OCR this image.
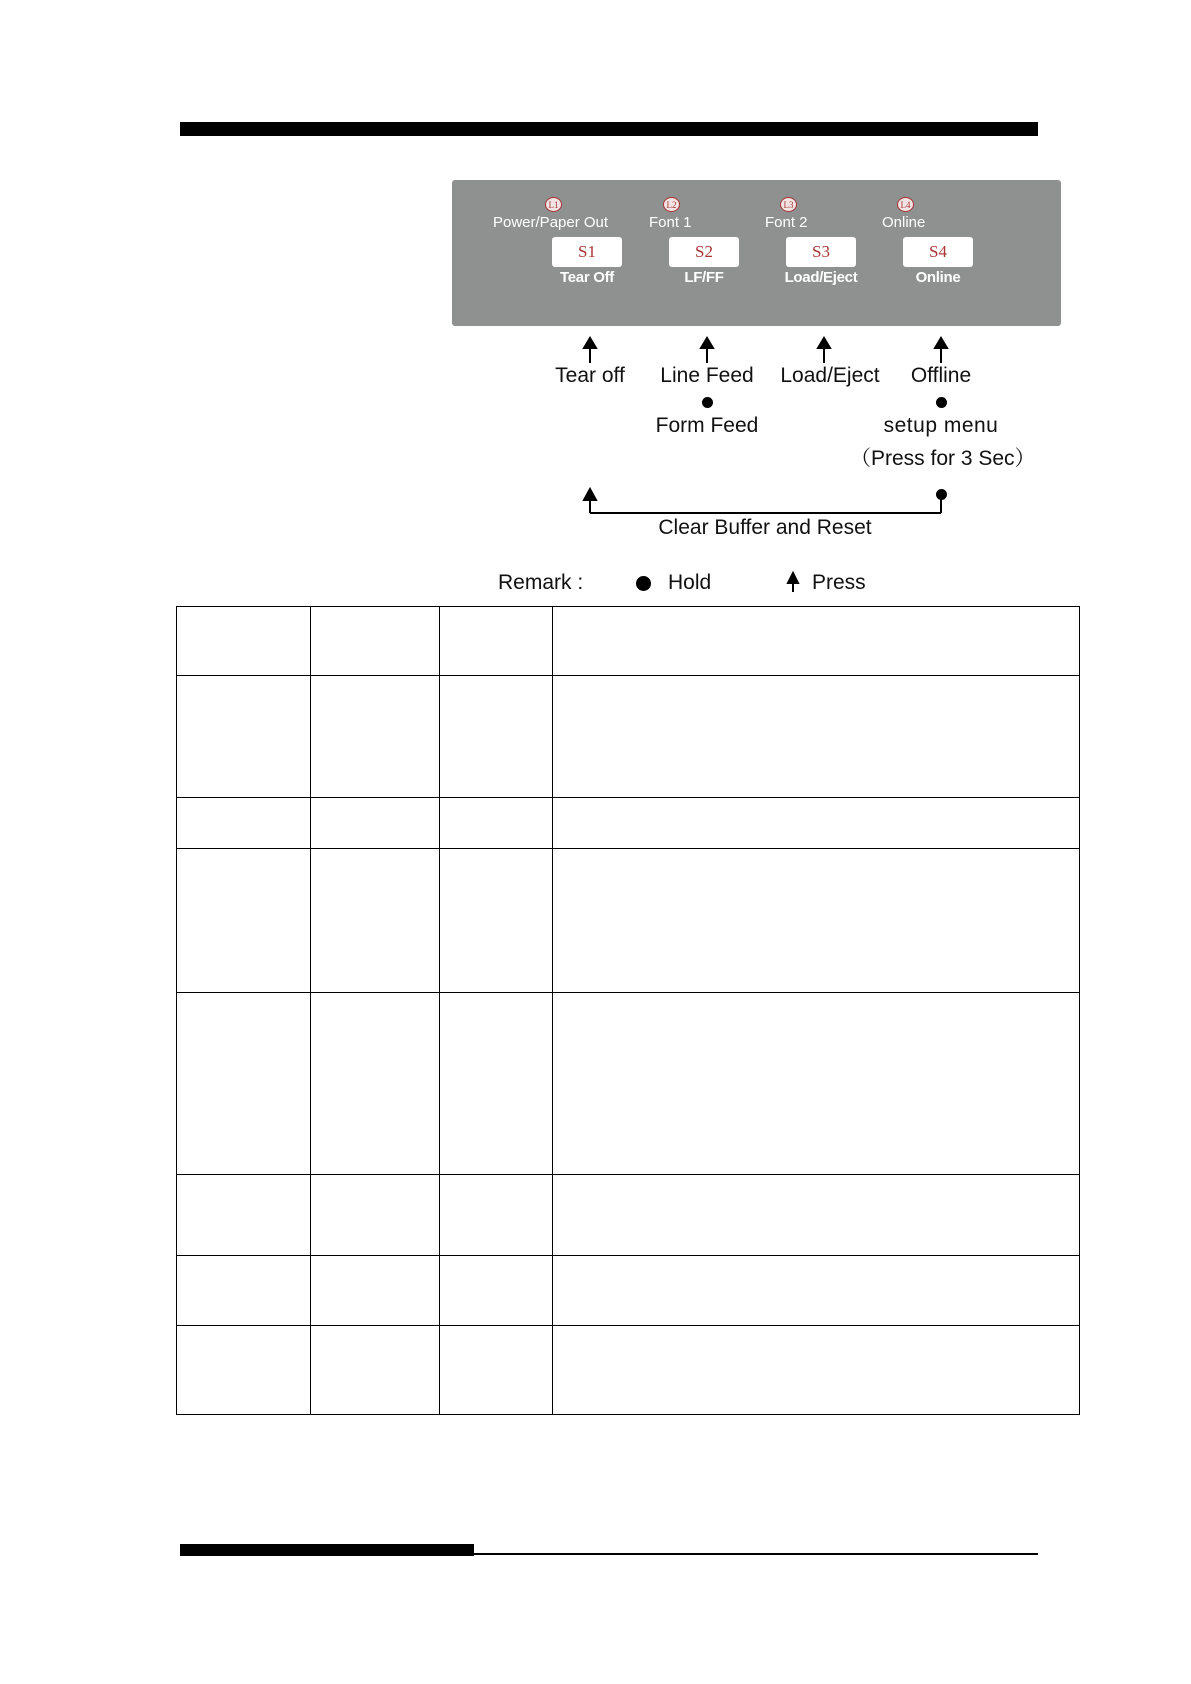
L1
Power/Paper Out
L2
Font 1
L3
Font 2
L4
Online
S1
Tear Off
S2
LF/FF
S3
Load/Eject
S4
Online
Tear off	Line Feed
Form Feed
Load/Eject	Offline
setup menu
（Press for 3 Sec）
Clear Buffer and Reset
Remark :	Hold	Press
